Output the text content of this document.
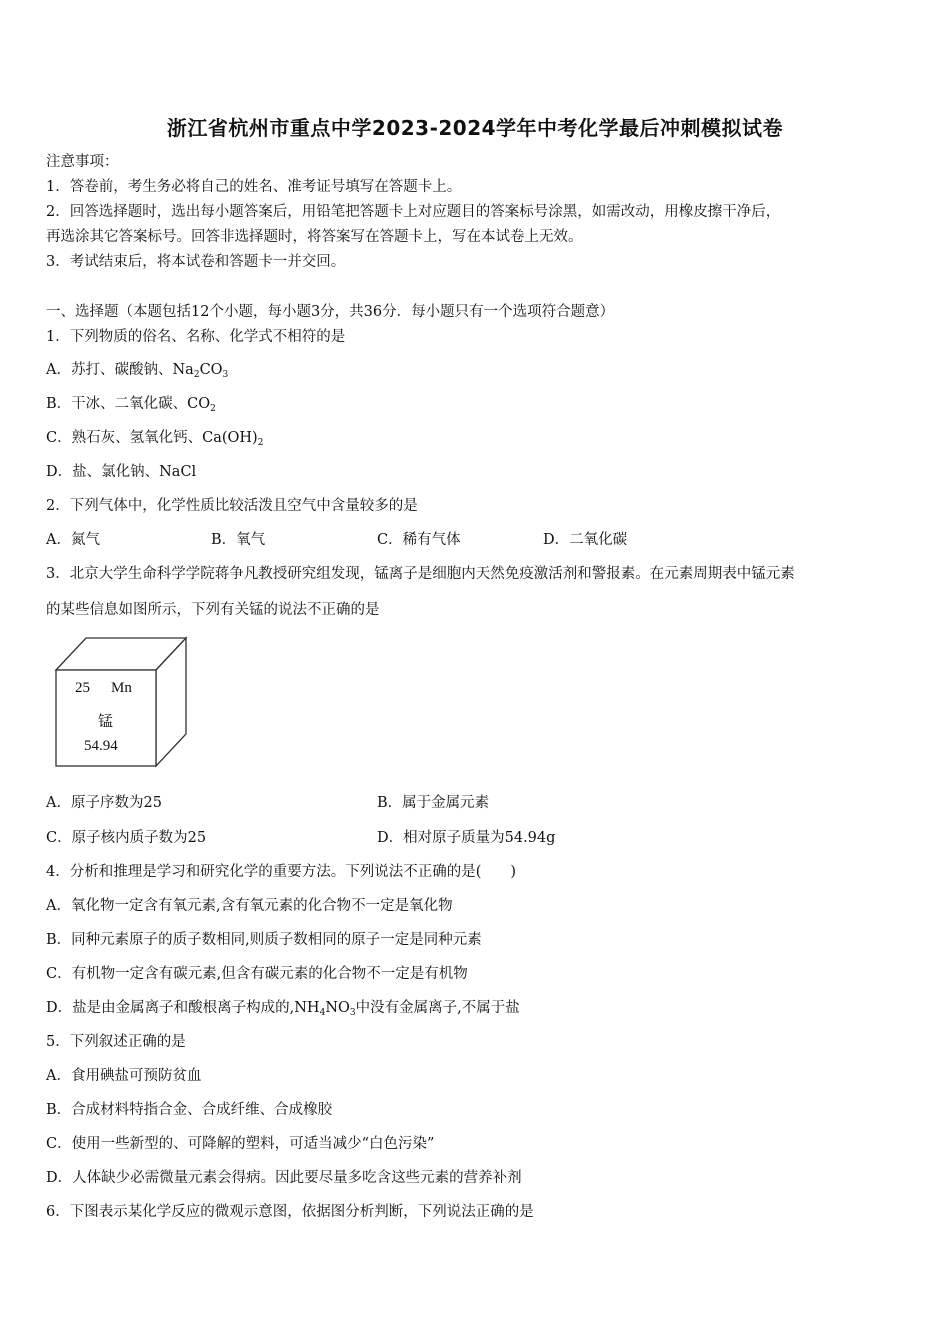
浙江省杭州市重点中学2023-2024学年中考化学最后冲刺模拟试卷
注意事项：
1．答卷前，考生务必将自己的姓名、准考证号填写在答题卡上。
2．回答选择题时，选出每小题答案后，用铅笔把答题卡上对应题目的答案标号涂黑，如需改动，用橡皮擦干净后，
再选涂其它答案标号。回答非选择题时，将答案写在答题卡上，写在本试卷上无效。
3．考试结束后，将本试卷和答题卡一并交回。
一、选择题（本题包括12个小题，每小题3分，共36分．每小题只有一个选项符合题意）
1．下列物质的俗名、名称、化学式不相符的是
A．苏打、碳酸钠、$Na_2CO_3$
B．干冰、二氧化碳、$CO_2$
C．熟石灰、氢氧化钙、$Ca(OH)_2$
D．盐、氯化钠、NaCl
2．下列气体中，化学性质比较活泼且空气中含量较多的是
A．氮气	B．氧气	C．稀有气体	D．二氧化碳
3．北京大学生命科学学院蒋争凡教授研究组发现，锰离子是细胞内天然免疫激活剂和警报素。在元素周期表中锰元素
的某些信息如图所示，下列有关锰的说法不正确的是
25 Mn
锰
54.94
A．原子序数为25	B．属于金属元素
C．原子核内质子数为25	D．相对原子质量为54.94g
4．分析和推理是学习和研究化学的重要方法。下列说法不正确的是(　　)
A．氧化物一定含有氧元素,含有氧元素的化合物不一定是氧化物
B．同种元素原子的质子数相同,则质子数相同的原子一定是同种元素
C．有机物一定含有碳元素,但含有碳元素的化合物不一定是有机物
D．盐是由金属离子和酸根离子构成的$,NH_4NO_3$中没有金属离子,不属于盐
5．下列叙述正确的是
A．食用碘盐可预防贫血
B．合成材料特指合金、合成纤维、合成橡胶
C．使用一些新型的、可降解的塑料，可适当减少“白色污染”
D．人体缺少必需微量元素会得病。因此要尽量多吃含这些元素的营养补剂
6．下图表示某化学反应的微观示意图，依据图分析判断，下列说法正确的是
